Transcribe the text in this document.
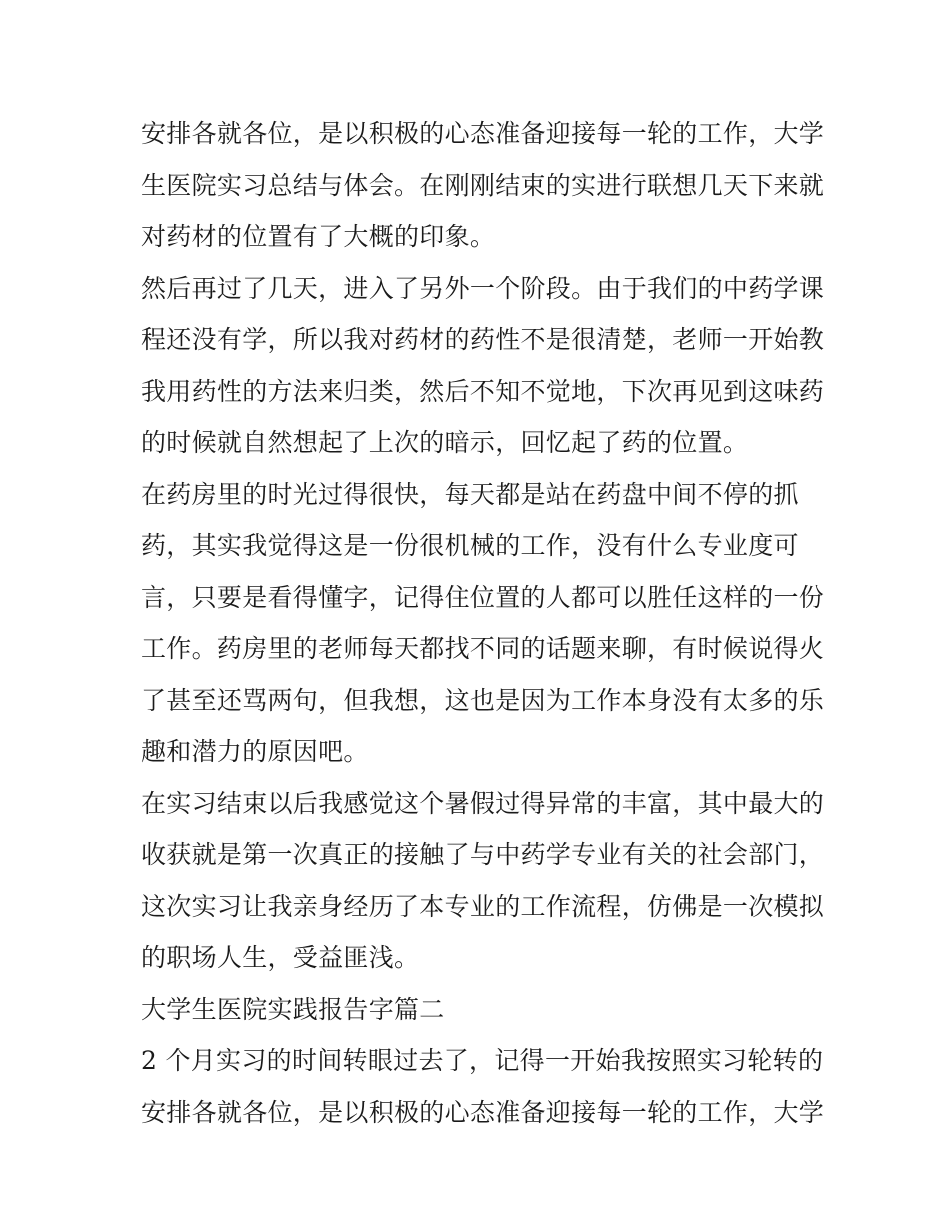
安排各就各位，是以积极的心态准备迎接每一轮的工作，大学
生医院实习总结与体会。在刚刚结束的实进行联想几天下来就
对药材的位置有了大概的印象。
然后再过了几天，进入了另外一个阶段。由于我们的中药学课
程还没有学，所以我对药材的药性不是很清楚，老师一开始教
我用药性的方法来归类，然后不知不觉地，下次再见到这味药
的时候就自然想起了上次的暗示，回忆起了药的位置。
在药房里的时光过得很快，每天都是站在药盘中间不停的抓
药，其实我觉得这是一份很机械的工作，没有什么专业度可
言，只要是看得懂字，记得住位置的人都可以胜任这样的一份
工作。药房里的老师每天都找不同的话题来聊，有时候说得火
了甚至还骂两句，但我想，这也是因为工作本身没有太多的乐
趣和潜力的原因吧。
在实习结束以后我感觉这个暑假过得异常的丰富，其中最大的
收获就是第一次真正的接触了与中药学专业有关的社会部门，
这次实习让我亲身经历了本专业的工作流程，仿佛是一次模拟
的职场人生，受益匪浅。
大学生医院实践报告字篇二
2 个月实习的时间转眼过去了，记得一开始我按照实习轮转的
安排各就各位，是以积极的心态准备迎接每一轮的工作，大学
